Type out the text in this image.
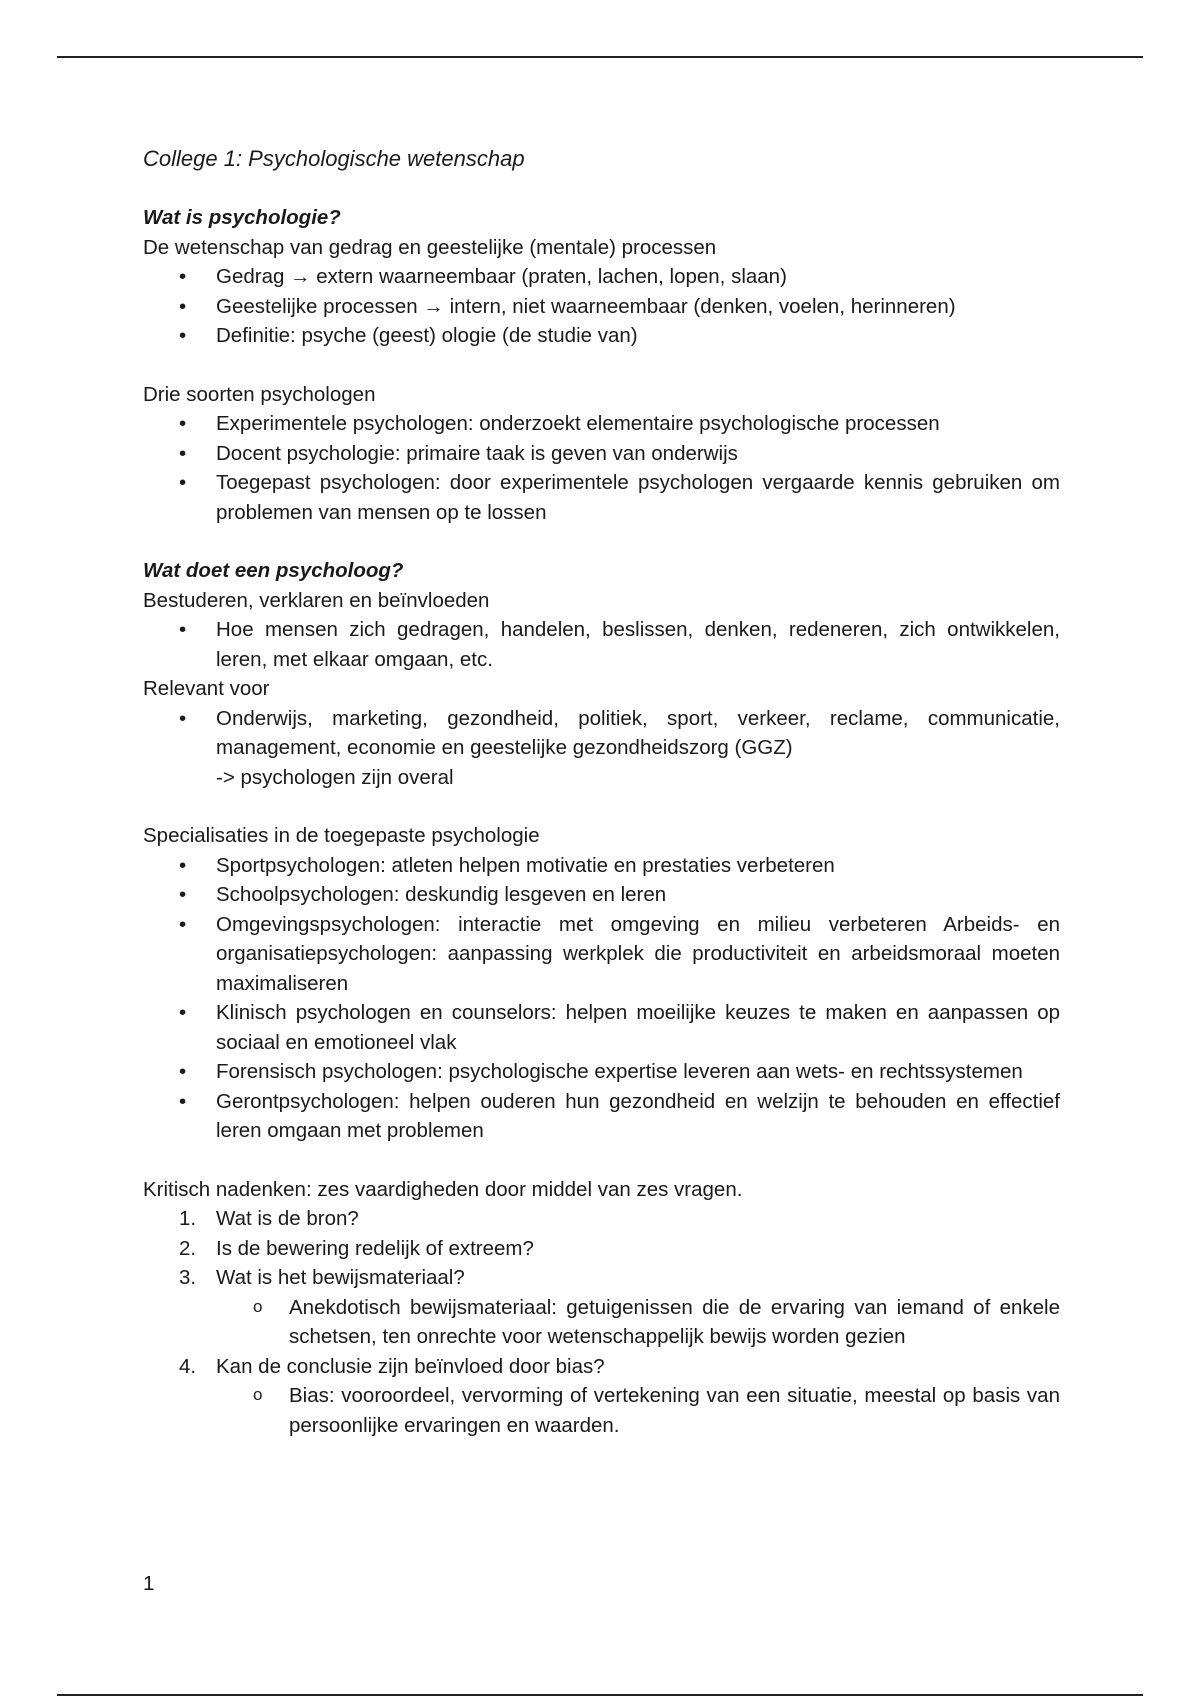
College 1: Psychologische wetenschap

Wat is psychologie?

De wetenschap van gedrag en geestelijke (mentale) processen

• Gedrag → extern waarneembaar (praten, lachen, lopen, slaan)
• Geestelijke processen → intern, niet waarneembaar (denken, voelen, herinneren)
• Definitie: psyche (geest) ologie (de studie van)

Drie soorten psychologen

• Experimentele psychologen: onderzoekt elementaire psychologische processen
• Docent psychologie: primaire taak is geven van onderwijs
• Toegepast psychologen: door experimentele psychologen vergaarde kennis gebruiken om problemen van mensen op te lossen

Wat doet een psycholoog?

Bestuderen, verklaren en beïnvloeden

• Hoe mensen zich gedragen, handelen, beslissen, denken, redeneren, zich ontwikkelen, leren, met elkaar omgaan, etc.

Relevant voor

• Onderwijs, marketing, gezondheid, politiek, sport, verkeer, reclame, communicatie, management, economie en geestelijke gezondheidszorg (GGZ)
-> psychologen zijn overal

Specialisaties in de toegepaste psychologie

• Sportpsychologen: atleten helpen motivatie en prestaties verbeteren
• Schoolpsychologen: deskundig lesgeven en leren
• Omgevingspsychologen: interactie met omgeving en milieu verbeteren Arbeids- en organisatiepsychologen: aanpassing werkplek die productiviteit en arbeidsmoraal moeten maximaliseren
• Klinisch psychologen en counselors: helpen moeilijke keuzes te maken en aanpassen op sociaal en emotioneel vlak
• Forensisch psychologen: psychologische expertise leveren aan wets- en rechtssystemen
• Gerontpsychologen: helpen ouderen hun gezondheid en welzijn te behouden en effectief leren omgaan met problemen

Kritisch nadenken: zes vaardigheden door middel van zes vragen.

1. Wat is de bron?
2. Is de bewering redelijk of extreem?
3. Wat is het bewijsmateriaal?
o Anekdotisch bewijsmateriaal: getuigenissen die de ervaring van iemand of enkele schetsen, ten onrechte voor wetenschappelijk bewijs worden gezien
4. Kan de conclusie zijn beïnvloed door bias?
o Bias: vooroordeel, vervorming of vertekening van een situatie, meestal op basis van persoonlijke ervaringen en waarden.
1
